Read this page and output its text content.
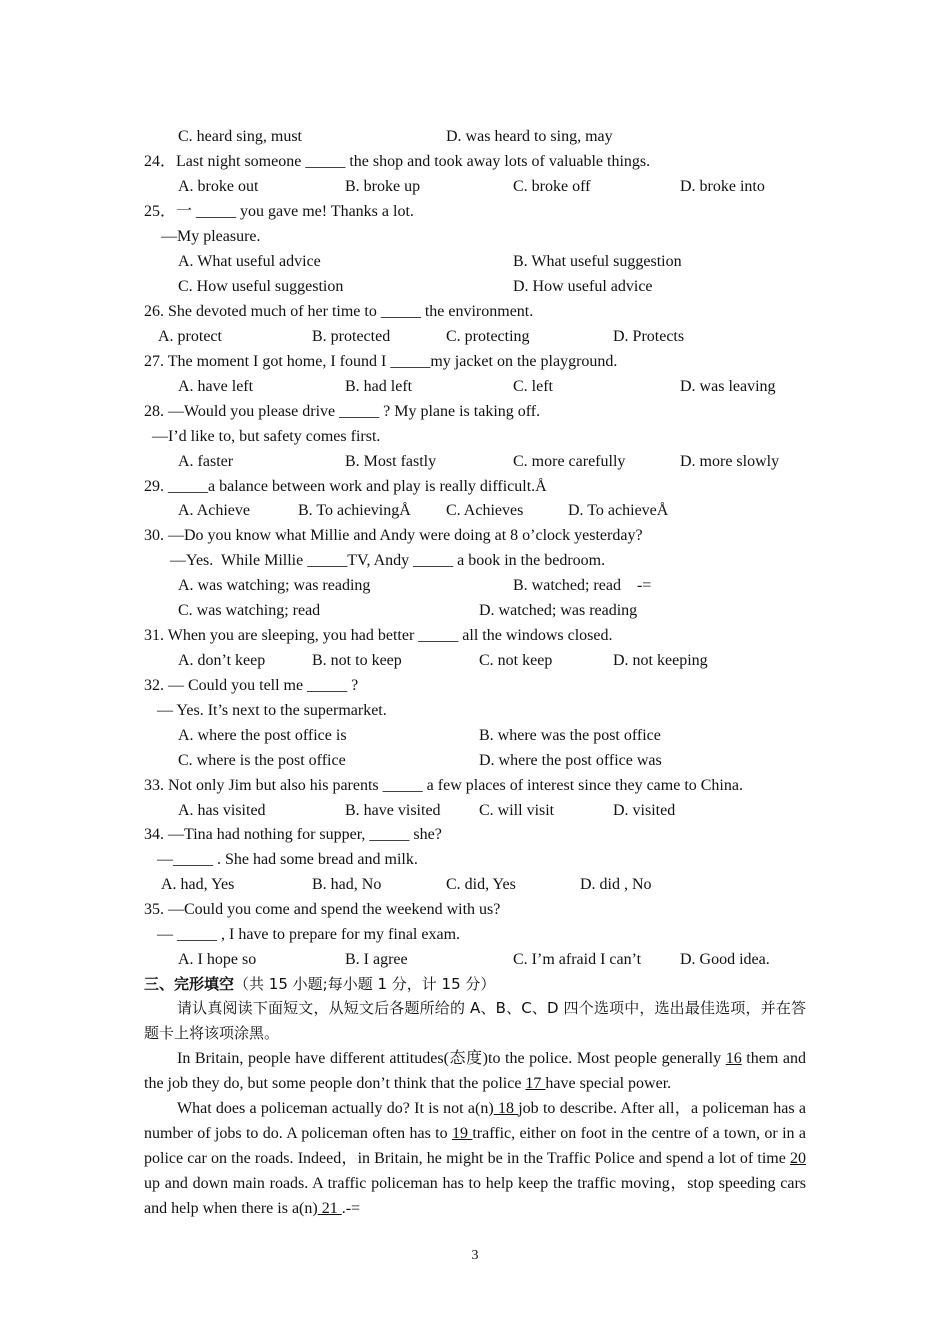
C. heard sing, must	D. was heard to sing, may
24．Last night someone _____ the shop and took away lots of valuable things.
A. broke out	B. broke up	C. broke off	D. broke into
25．一 _____ you gave me! Thanks a lot.
—My pleasure.
A. What useful advice	B. What useful suggestion
C. How useful suggestion	D. How useful advice
26. She devoted much of her time to _____ the environment.
A. protect	B. protected	C. protecting	D. Protects
27. The moment I got home, I found I _____my jacket on the playground.
A. have left	B. had left	C. left	D. was leaving
28. —Would you please drive _____ ? My plane is taking off.
—I’d like to, but safety comes first.
A. faster	B. Most fastly	C. more carefully	D. more slowly
29. _____a balance between work and play is really difficult.Å
A. Achieve	B. To achievingÅ C. Achieves	D. To achieveÅ
30. —Do you know what Millie and Andy were doing at 8 o’clock yesterday?
—Yes.  While Millie _____TV, Andy _____ a book in the bedroom.
A. was watching; was reading	B. watched; read    -=
C. was watching; read	D. watched; was reading
31. When you are sleeping, you had better _____ all the windows closed.
A. don’t keep	B. not to keep	C. not keep	D. not keeping
32. — Could you tell me _____ ?
— Yes. It’s next to the supermarket.
A. where the post office is	B. where was the post office
C. where is the post office	D. where the post office was
33. Not only Jim but also his parents _____ a few places of interest since they came to China.
A. has visited	B. have visited C. will visit	D. visited
34. —Tina had nothing for supper, _____ she?
—_____ . She had some bread and milk.
A. had, Yes	B. had, No	C. did, Yes	D. did , No
35. —Could you come and spend the weekend with us?
— _____ , I have to prepare for my final exam.
A. I hope so	B. I agree	C. I’m afraid I can’t D. Good idea.
三、完形填空（共 15 小题;每小题 1 分，计 15 分）

请认真阅读下面短文，从短文后各题所给的 A、B、C、D 四个选项中，选出最佳选项，并在答题卡上将该项涂黑。

In Britain, people have different attitudes(态度)to the police. Most people generally 16 them and the job they do, but some people don’t think that the police 17 have special power.

What does a policeman actually do? It is not a(n) 18 job to describe. After all，a policeman has a number of jobs to do. A policeman often has to 19 traffic, either on foot in the centre of a town, or in a police car on the roads. Indeed，in Britain, he might be in the Traffic Police and spend a lot of time 20 up and down main roads. A traffic policeman has to help keep the traffic moving，stop speeding cars and help when there is a(n) 21 .-=

3
